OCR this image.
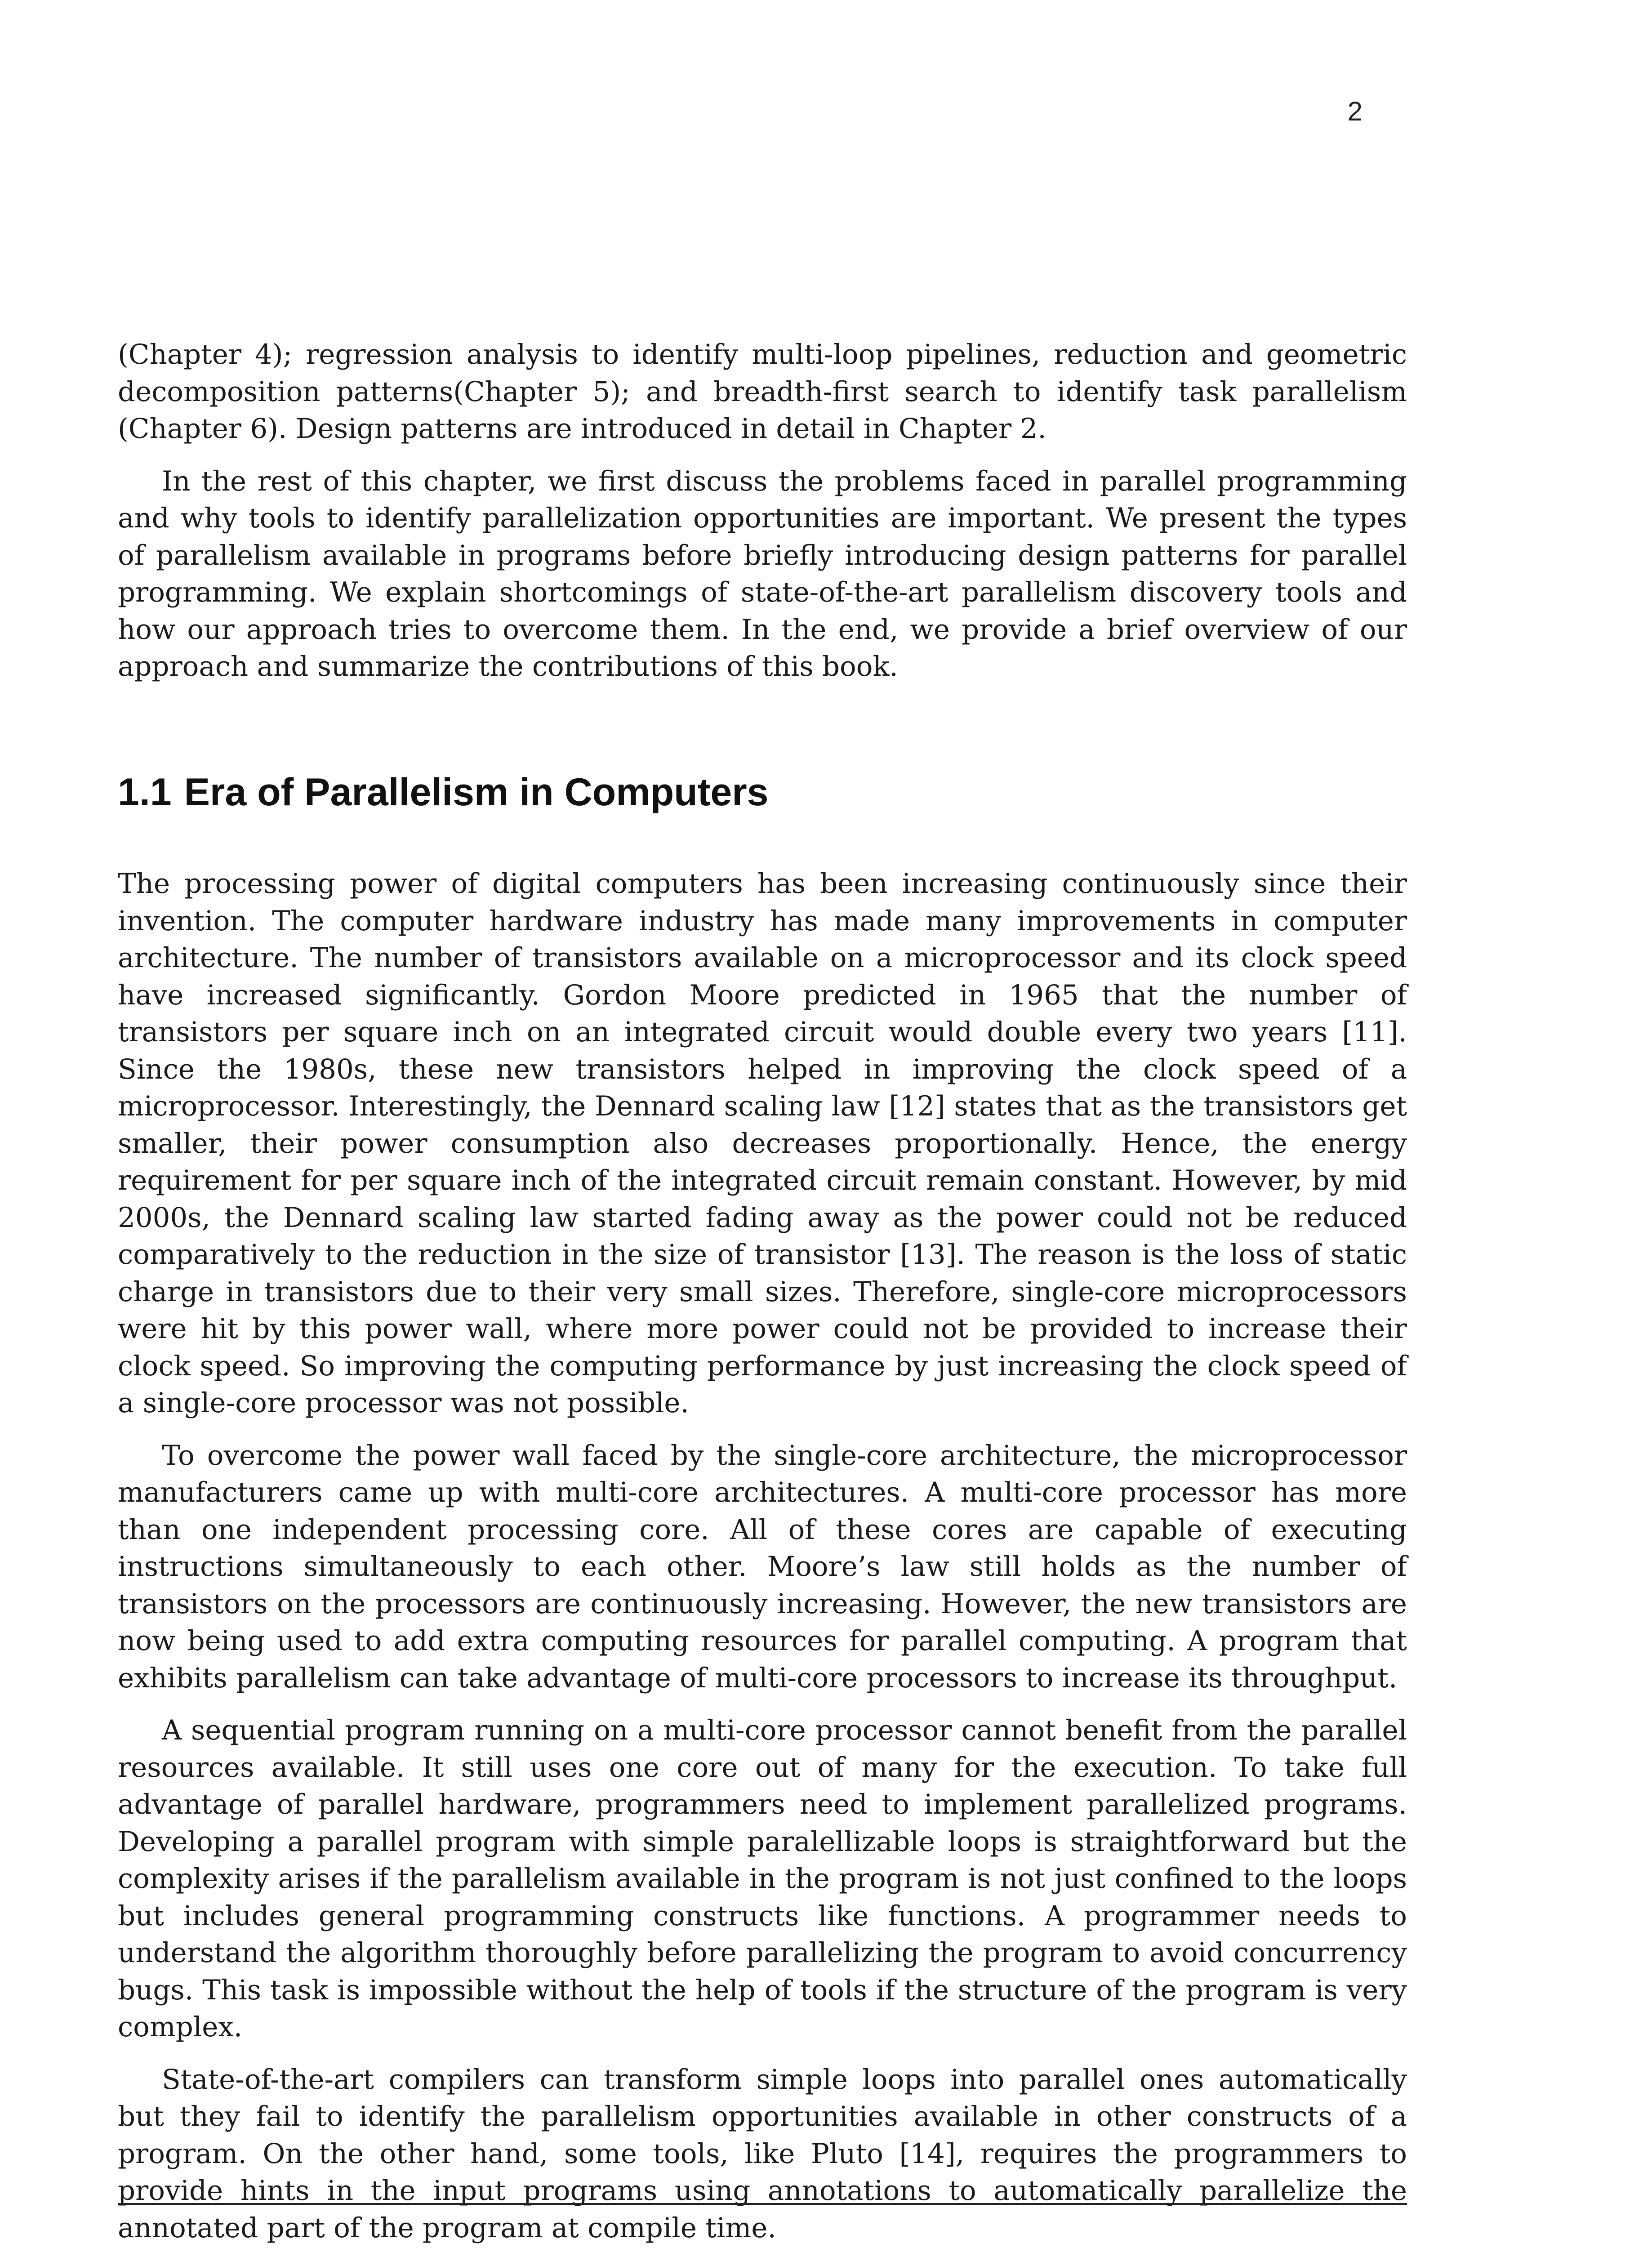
2

(Chapter 4); regression analysis to identify multi-loop pipelines, reduction and geometric decomposition patterns(Chapter 5); and breadth-first search to identify task parallelism (Chapter 6). Design patterns are introduced in detail in Chapter 2.

In the rest of this chapter, we first discuss the problems faced in parallel programming and why tools to identify parallelization opportunities are important. We present the types of parallelism available in programs before briefly introducing design patterns for parallel programming. We explain shortcomings of state-of-the-art parallelism discovery tools and how our approach tries to overcome them. In the end, we provide a brief overview of our approach and summarize the contributions of this book.

1.1 Era of Parallelism in Computers

The processing power of digital computers has been increasing continuously since their invention. The computer hardware industry has made many improvements in computer architecture. The number of transistors available on a microprocessor and its clock speed have increased significantly. Gordon Moore predicted in 1965 that the number of transistors per square inch on an integrated circuit would double every two years [11]. Since the 1980s, these new transistors helped in improving the clock speed of a microprocessor. Interestingly, the Dennard scaling law [12] states that as the transistors get smaller, their power consumption also decreases proportionally. Hence, the energy requirement for per square inch of the integrated circuit remain constant. However, by mid 2000s, the Dennard scaling law started fading away as the power could not be reduced comparatively to the reduction in the size of transistor [13]. The reason is the loss of static charge in transistors due to their very small sizes. Therefore, single-core microprocessors were hit by this power wall, where more power could not be provided to increase their clock speed. So improving the computing performance by just increasing the clock speed of a single-core processor was not possible.

To overcome the power wall faced by the single-core architecture, the microprocessor manufacturers came up with multi-core architectures. A multi-core processor has more than one independent processing core. All of these cores are capable of executing instructions simultaneously to each other. Moore’s law still holds as the number of transistors on the processors are continuously increasing. However, the new transistors are now being used to add extra computing resources for parallel computing. A program that exhibits parallelism can take advantage of multi-core processors to increase its throughput.

A sequential program running on a multi-core processor cannot benefit from the parallel resources available. It still uses one core out of many for the execution. To take full advantage of parallel hardware, programmers need to implement parallelized programs. Developing a parallel program with simple paralellizable loops is straightforward but the complexity arises if the parallelism available in the program is not just confined to the loops but includes general programming constructs like functions. A programmer needs to understand the algorithm thoroughly before parallelizing the program to avoid concurrency bugs. This task is impossible without the help of tools if the structure of the program is very complex.

State-of-the-art compilers can transform simple loops into parallel ones automatically but they fail to identify the parallelism opportunities available in other constructs of a program. On the other hand, some tools, like Pluto [14], requires the programmers to provide hints in the input programs using annotations to automatically parallelize the annotated part of the program at compile time.
